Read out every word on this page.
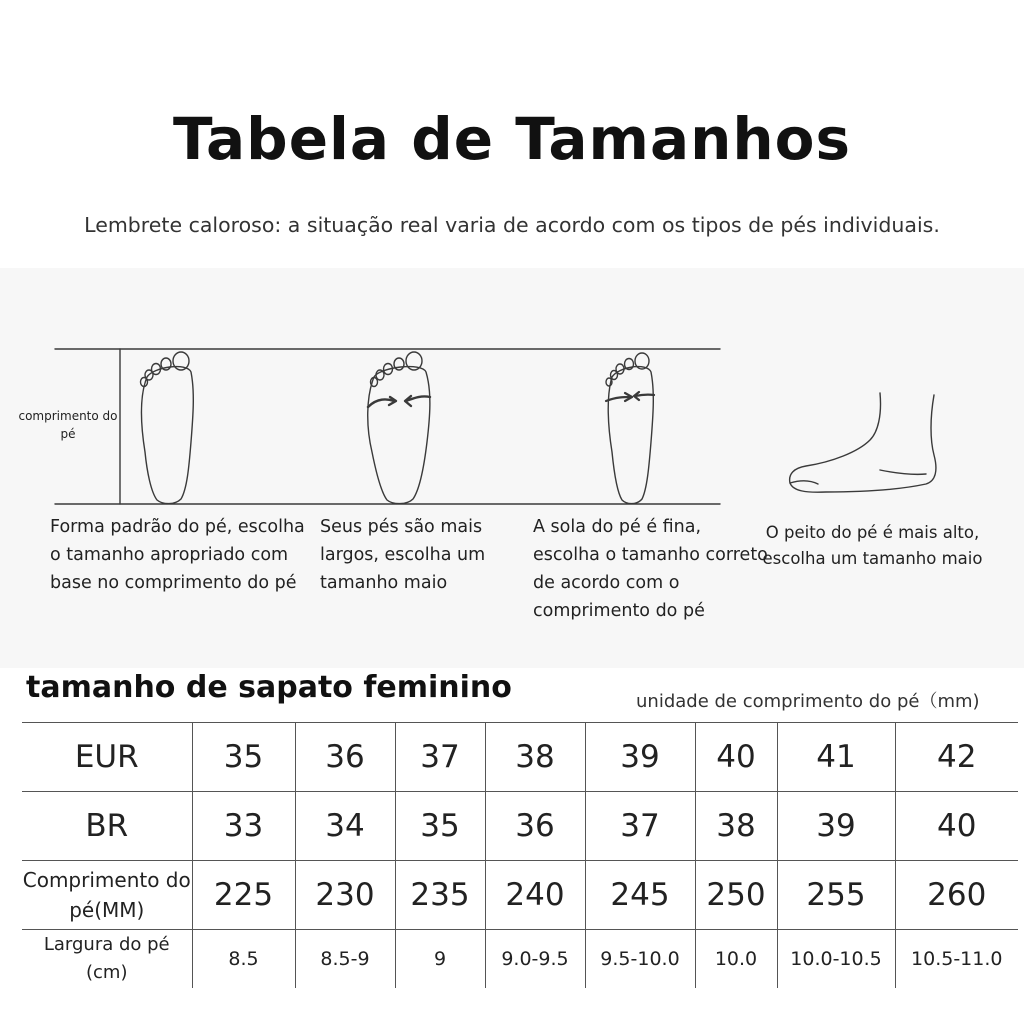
Tabela de Tamanhos
Lembrete caloroso: a situação real varia de acordo com os tipos de pés individuais.
comprimento do pé
Forma padrão do pé, escolha o tamanho apropriado com base no comprimento do pé
Seus pés são mais largos, escolha um tamanho maio
A sola do pé é fina, escolha o tamanho correto de acordo com o comprimento do pé
O peito do pé é mais alto, escolha um tamanho maio
tamanho de sapato feminino	unidade de comprimento do pé（mm)
EUR	35	36	37	38	39	40	41	42
BR	33	34	35	36	37	38	39	40
Comprimento do pé(MM)	225	230	235	240	245	250	255	260
Largura do pé (cm)	8.5	8.5-9	9	9.0-9.5	9.5-10.0	10.0	10.0-10.5	10.5-11.0
